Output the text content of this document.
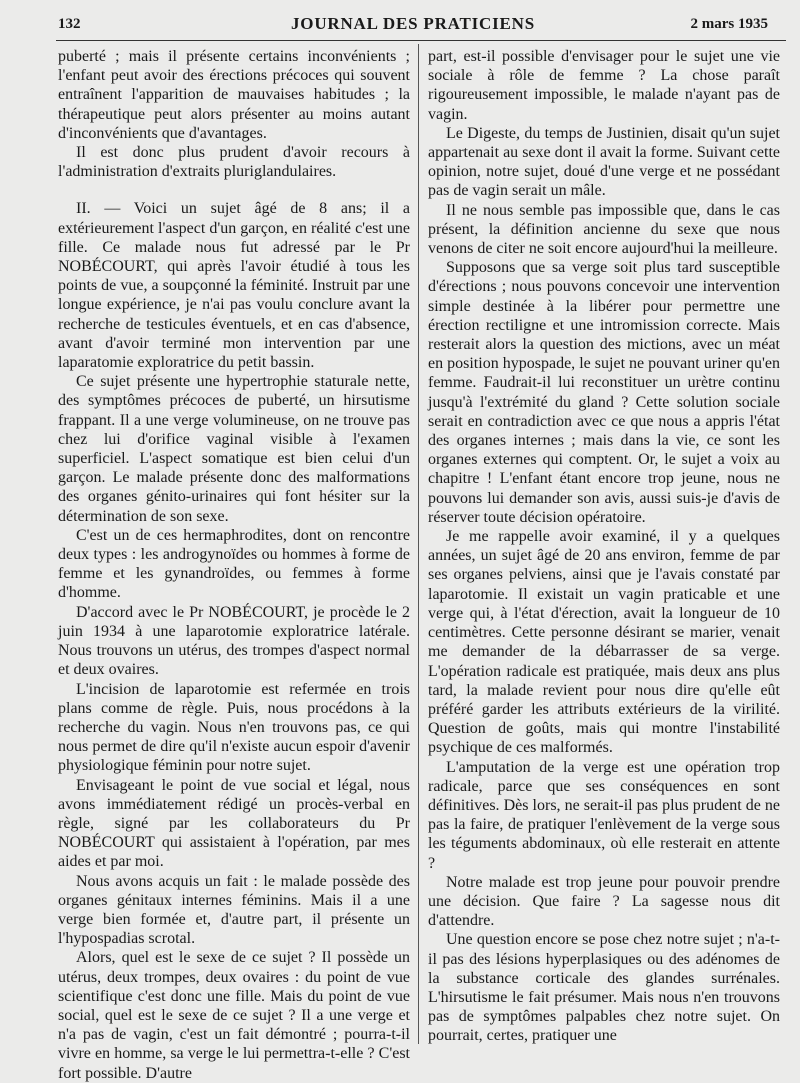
132	JOURNAL DES PRATICIENS	2 mars 1935

puberté ; mais il présente certains inconvénients ; l'enfant peut avoir des érections précoces qui souvent entraînent l'apparition de mauvaises habitudes ; la thérapeutique peut alors présenter au moins autant d'inconvénients que d'avantages.

Il est donc plus prudent d'avoir recours à l'administration d'extraits pluriglandulaires.

II. — Voici un sujet âgé de 8 ans; il a extérieurement l'aspect d'un garçon, en réalité c'est une fille. Ce malade nous fut adressé par le Pr NOBÉCOURT, qui après l'avoir étudié à tous les points de vue, a soupçonné la féminité. Instruit par une longue expérience, je n'ai pas voulu conclure avant la recherche de testicules éventuels, et en cas d'absence, avant d'avoir terminé mon intervention par une laparatomie exploratrice du petit bassin.

Ce sujet présente une hypertrophie staturale nette, des symptômes précoces de puberté, un hirsutisme frappant. Il a une verge volumineuse, on ne trouve pas chez lui d'orifice vaginal visible à l'examen superficiel. L'aspect somatique est bien celui d'un garçon. Le malade présente donc des malformations des organes génito-urinaires qui font hésiter sur la détermination de son sexe.

C'est un de ces hermaphrodites, dont on rencontre deux types : les androgynoïdes ou hommes à forme de femme et les gynandroïdes, ou femmes à forme d'homme.

D'accord avec le Pr NOBÉCOURT, je procède le 2 juin 1934 à une laparotomie exploratrice latérale. Nous trouvons un utérus, des trompes d'aspect normal et deux ovaires.

L'incision de laparotomie est refermée en trois plans comme de règle. Puis, nous procédons à la recherche du vagin. Nous n'en trouvons pas, ce qui nous permet de dire qu'il n'existe aucun espoir d'avenir physiologique féminin pour notre sujet.

Envisageant le point de vue social et légal, nous avons immédiatement rédigé un procès-verbal en règle, signé par les collaborateurs du Pr NOBÉCOURT qui assistaient à l'opération, par mes aides et par moi.

Nous avons acquis un fait : le malade possède des organes génitaux internes féminins. Mais il a une verge bien formée et, d'autre part, il présente un l'hypospadias scrotal.

Alors, quel est le sexe de ce sujet ? Il possède un utérus, deux trompes, deux ovaires : du point de vue scientifique c'est donc une fille. Mais du point de vue social, quel est le sexe de ce sujet ? Il a une verge et n'a pas de vagin, c'est un fait démontré ; pourra-t-il vivre en homme, sa verge le lui permettra-t-elle ? C'est fort possible. D'autre

part, est-il possible d'envisager pour le sujet une vie sociale à rôle de femme ? La chose paraît rigoureusement impossible, le malade n'ayant pas de vagin.

Le Digeste, du temps de Justinien, disait qu'un sujet appartenait au sexe dont il avait la forme. Suivant cette opinion, notre sujet, doué d'une verge et ne possédant pas de vagin serait un mâle.

Il ne nous semble pas impossible que, dans le cas présent, la définition ancienne du sexe que nous venons de citer ne soit encore aujourd'hui la meilleure.

Supposons que sa verge soit plus tard susceptible d'érections ; nous pouvons concevoir une intervention simple destinée à la libérer pour permettre une érection rectiligne et une intromission correcte. Mais resterait alors la question des mictions, avec un méat en position hypospade, le sujet ne pouvant uriner qu'en femme. Faudrait-il lui reconstituer un urètre continu jusqu'à l'extrémité du gland ? Cette solution sociale serait en contradiction avec ce que nous a appris l'état des organes internes ; mais dans la vie, ce sont les organes externes qui comptent. Or, le sujet a voix au chapitre ! L'enfant étant encore trop jeune, nous ne pouvons lui demander son avis, aussi suis-je d'avis de réserver toute décision opératoire.

Je me rappelle avoir examiné, il y a quelques années, un sujet âgé de 20 ans environ, femme de par ses organes pelviens, ainsi que je l'avais constaté par laparotomie. Il existait un vagin praticable et une verge qui, à l'état d'érection, avait la longueur de 10 centimètres. Cette personne désirant se marier, venait me demander de la débarrasser de sa verge. L'opération radicale est pratiquée, mais deux ans plus tard, la malade revient pour nous dire qu'elle eût préféré garder les attributs extérieurs de la virilité. Question de goûts, mais qui montre l'instabilité psychique de ces malformés.

L'amputation de la verge est une opération trop radicale, parce que ses conséquences en sont définitives. Dès lors, ne serait-il pas plus prudent de ne pas la faire, de pratiquer l'enlèvement de la verge sous les téguments abdominaux, où elle resterait en attente ?

Notre malade est trop jeune pour pouvoir prendre une décision. Que faire ? La sagesse nous dit d'attendre.

Une question encore se pose chez notre sujet ; n'a-t-il pas des lésions hyperplasiques ou des adénomes de la substance corticale des glandes surrénales. L'hirsutisme le fait présumer. Mais nous n'en trouvons pas de symptômes palpables chez notre sujet. On pourrait, certes, pratiquer une
